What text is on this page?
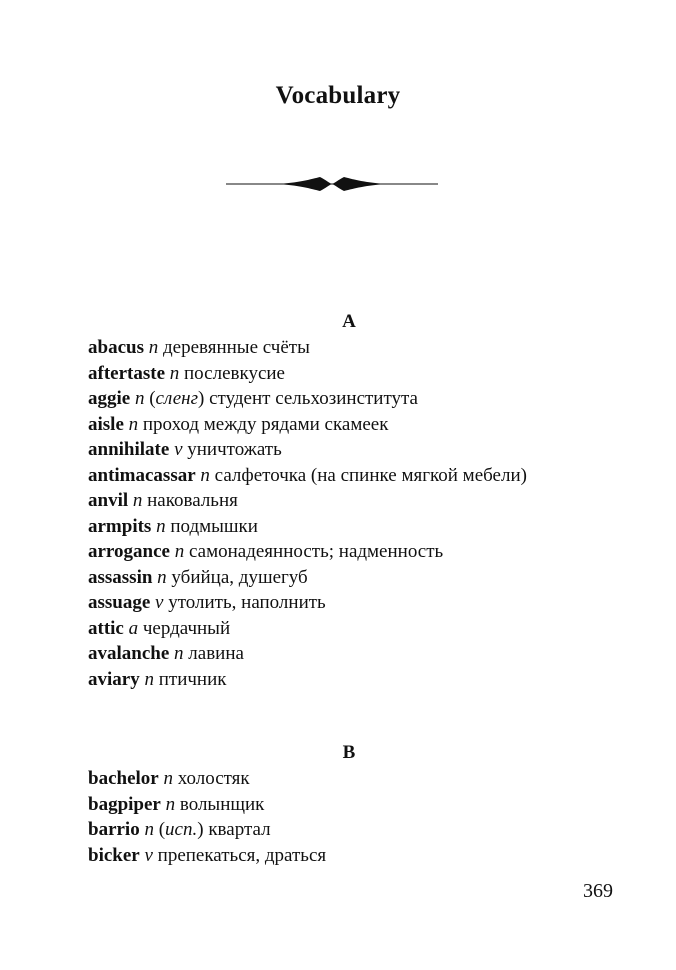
Vocabulary
A

abacus n деревянные счёты

aftertaste n послевкусие

aggie n (сленг) студент сельхозинститута

aisle n проход между рядами скамеек

annihilate v уничтожать

antimacassar n салфеточка (на спинке мягкой мебели)

anvil n наковальня

armpits n подмышки

arrogance n самонадеянность; надменность

assassin n убийца, душегуб

assuage v утолить, наполнить

attic a чердачный

avalanche n лавина

aviary n птичник

B

bachelor n холостяк

bagpiper n волынщик

barrio n (исп.) квартал

bicker v препекаться, драться

369
